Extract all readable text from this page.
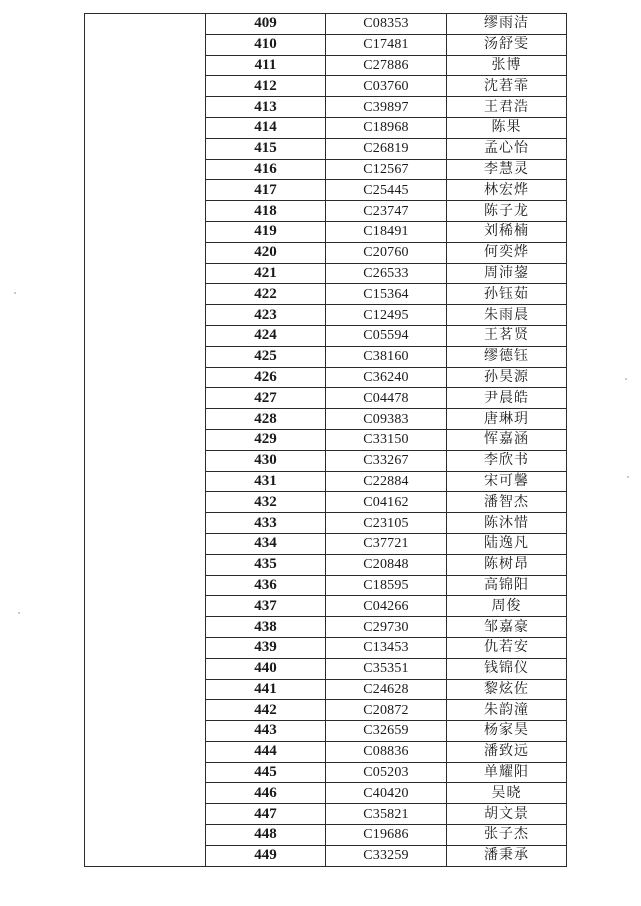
	409	C08353	缪雨洁
	410	C17481	汤舒雯
	411	C27886	张博
	412	C03760	沈莙霏
	413	C39897	王君浩
	414	C18968	陈果
	415	C26819	孟心怡
	416	C12567	李慧灵
	417	C25445	林宏烨
	418	C23747	陈子龙
	419	C18491	刘稀楠
	420	C20760	何奕烨
	421	C26533	周沛鋆
	422	C15364	孙钰茹
	423	C12495	朱雨晨
	424	C05594	王茗贤
	425	C38160	缪德钰
	426	C36240	孙昊源
	427	C04478	尹晨皓
	428	C09383	唐琳玥
	429	C33150	恽嘉涵
	430	C33267	李欣书
	431	C22884	宋可馨
	432	C04162	潘智杰
	433	C23105	陈沐惜
	434	C37721	陆逸凡
	435	C20848	陈树昂
	436	C18595	高锦阳
	437	C04266	周俊
	438	C29730	邹嘉豪
	439	C13453	仇若安
	440	C35351	钱锦仪
	441	C24628	黎炫佐
	442	C20872	朱韵潼
	443	C32659	杨家昊
	444	C08836	潘致远
	445	C05203	单耀阳
	446	C40420	吴晓
	447	C35821	胡文景
	448	C19686	张子杰
	449	C33259	潘秉承
